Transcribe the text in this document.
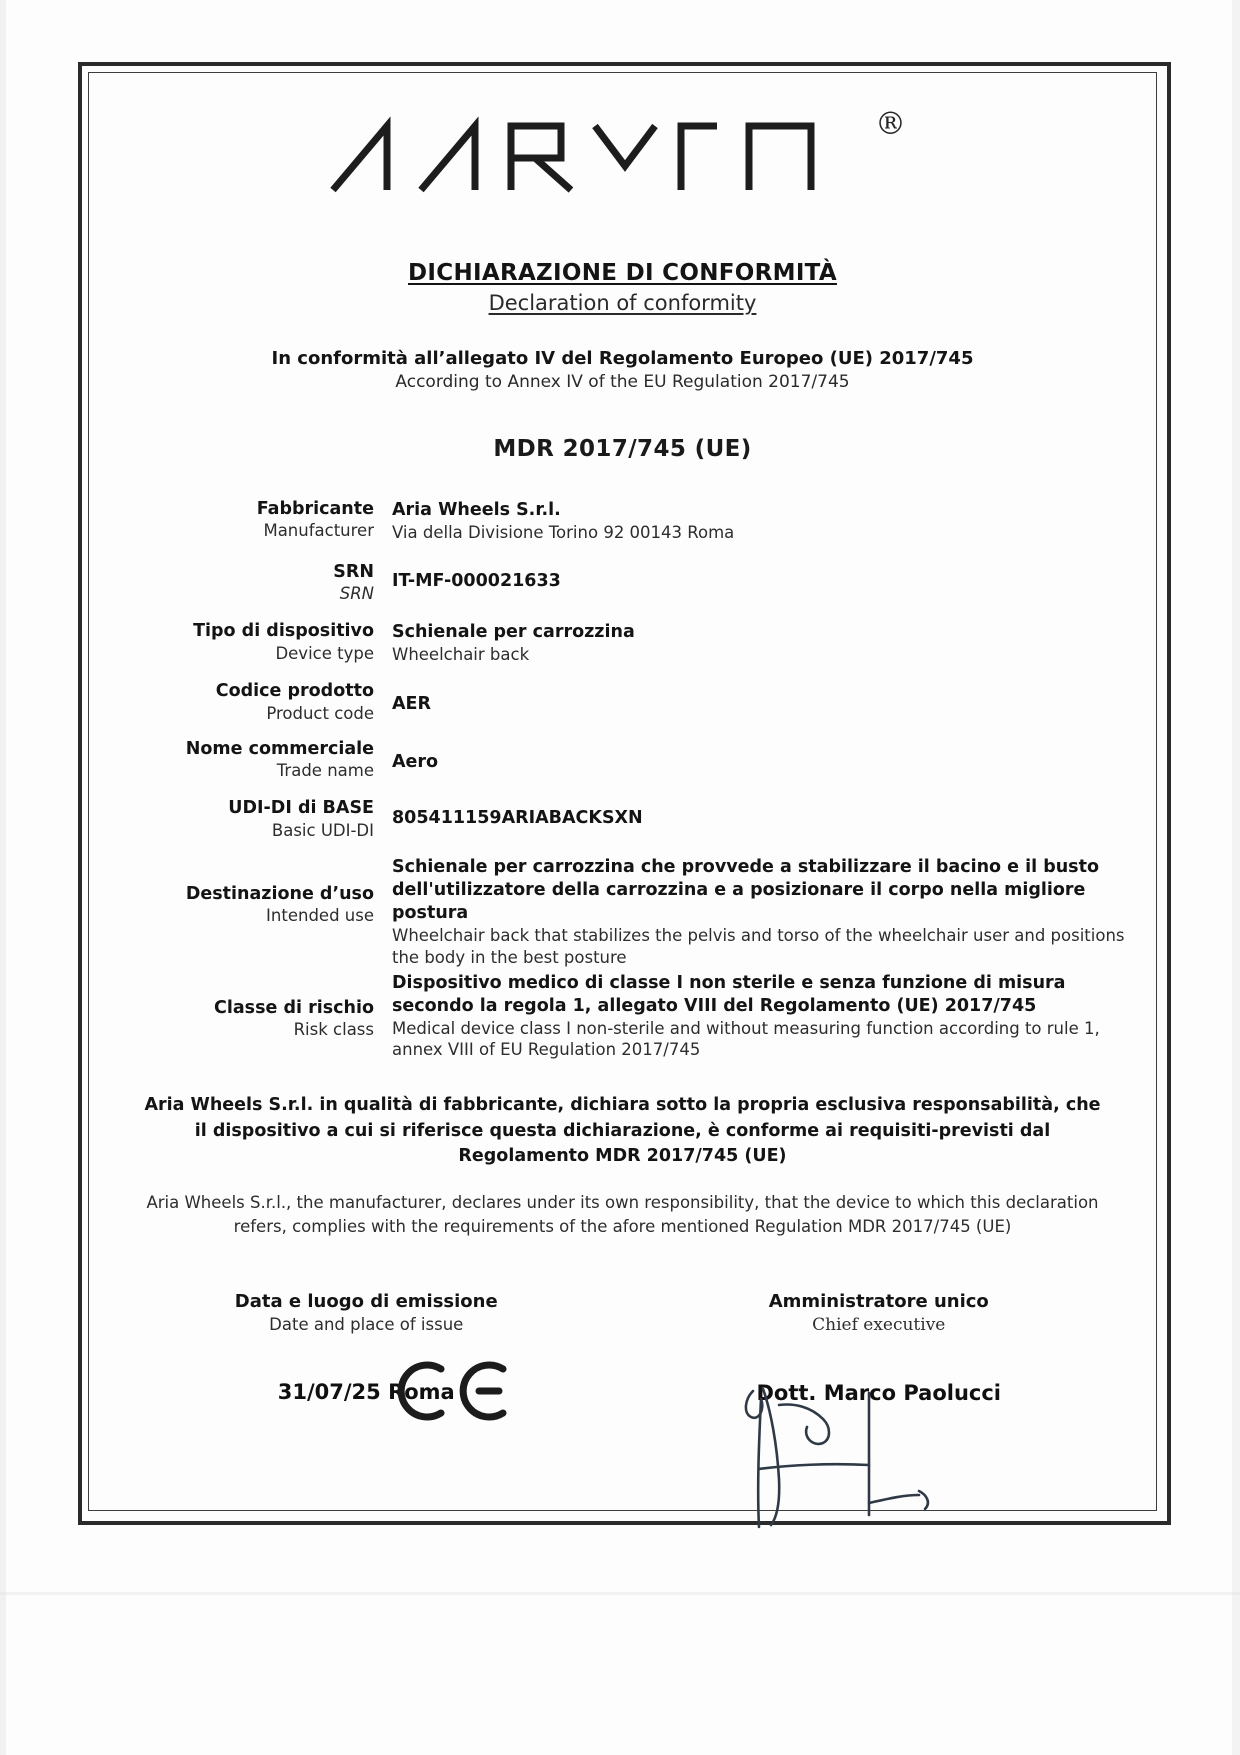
®
DICHIARAZIONE DI CONFORMITÀ
Declaration of conformity
In conformità all’allegato IV del Regolamento Europeo (UE) 2017/745
According to Annex IV of the EU Regulation 2017/745
MDR 2017/745 (UE)
Fabbricante
Manufacturer
Aria Wheels S.r.l.
Via della Divisione Torino 92 00143 Roma
SRN
SRN
IT-MF-000021633
Tipo di dispositivo
Device type
Schienale per carrozzina
Wheelchair back
Codice prodotto
Product code AER
Nome commerciale
Trade name Aero
UDI-DI di BASE
Basic UDI-DI
805411159ARIABACKSXN
Destinazione d’uso
Intended use
Schienale per carrozzina che provvede a stabilizzare il bacino e il busto dell'utilizzatore della carrozzina e a posizionare il corpo nella migliore postura
Wheelchair back that stabilizes the pelvis and torso of the wheelchair user and positions the body in the best posture
Classe di rischio
Risk class
Dispositivo medico di classe I non sterile e senza funzione di misura secondo la regola 1, allegato VIII del Regolamento (UE) 2017/745
Medical device class I non-sterile and without measuring function according to rule 1, annex VIII of EU Regulation 2017/745
Aria Wheels S.r.l. in qualità di fabbricante, dichiara sotto la propria esclusiva responsabilità, che il dispositivo a cui si riferisce questa dichiarazione, è conforme ai requisiti-previsti dal Regolamento MDR 2017/745 (UE)
Aria Wheels S.r.l., the manufacturer, declares under its own responsibility, that the device to which this declaration refers, complies with the requirements of the afore mentioned Regulation MDR 2017/745 (UE)
Data e luogo di emissione
Date and place of issue
31/07/25 Roma
Amministratore unico
Chief executive
Dott. Marco Paolucci
